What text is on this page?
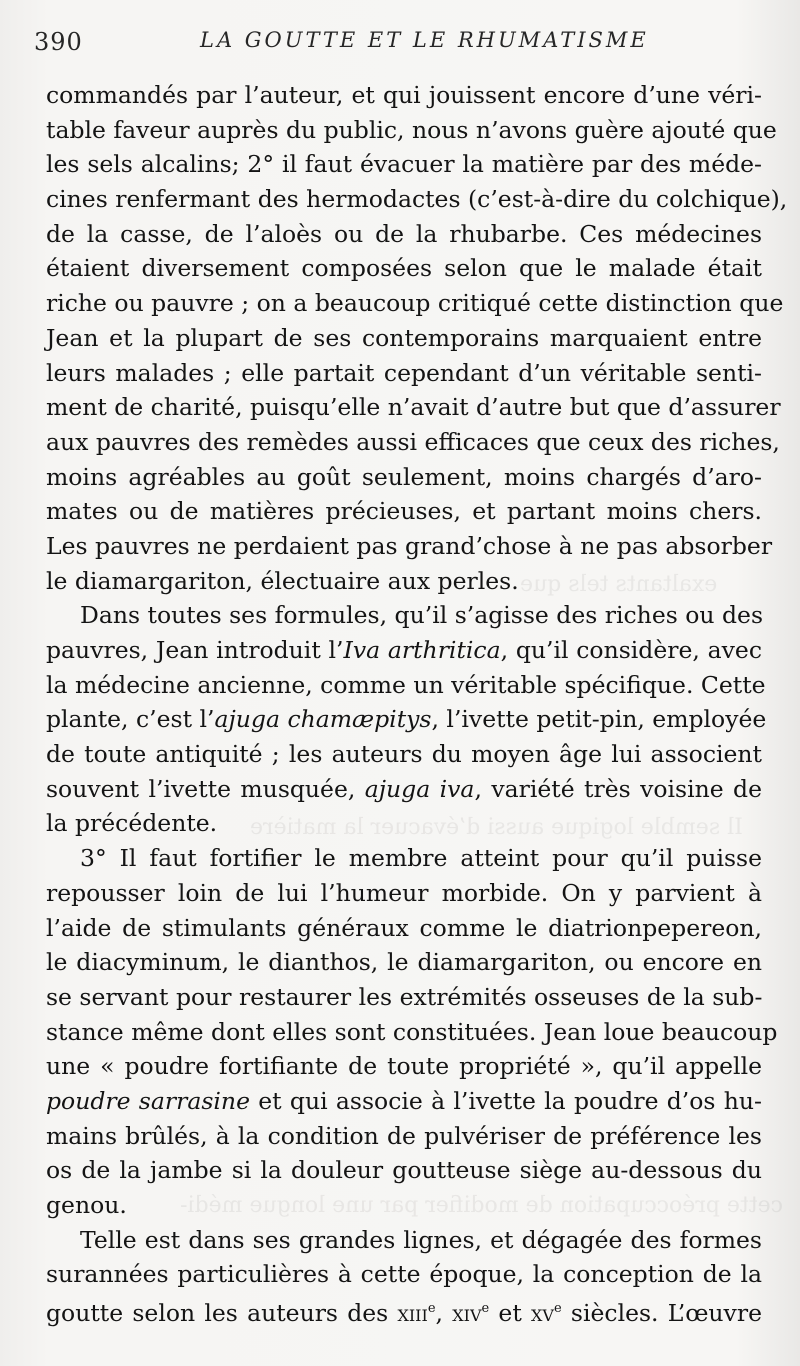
390	LA GOUTTE ET LE RHUMATISME
exaltants tels que
Il semble logique aussi d’évacuer la matière
cette préoccupation de modifier par une longue médi-
commandés par l’auteur, et qui jouissent encore d’une véri-
table faveur auprès du public, nous n’avons guère ajouté que
les sels alcalins; 2° il faut évacuer la matière par des méde-
cines renfermant des hermodactes (c’est-à-dire du colchique),
de la casse, de l’aloès ou de la rhubarbe. Ces médecines
étaient diversement composées selon que le malade était
riche ou pauvre ; on a beaucoup critiqué cette distinction que
Jean et la plupart de ses contemporains marquaient entre
leurs malades ; elle partait cependant d’un véritable senti-
ment de charité, puisqu’elle n’avait d’autre but que d’assurer
aux pauvres des remèdes aussi efficaces que ceux des riches,
moins agréables au goût seulement, moins chargés d’aro-
mates ou de matières précieuses, et partant moins chers.
Les pauvres ne perdaient pas grand’chose à ne pas absorber
le diamargariton, électuaire aux perles.
Dans toutes ses formules, qu’il s’agisse des riches ou des
pauvres, Jean introduit l’Iva arthritica, qu’il considère, avec
la médecine ancienne, comme un véritable spécifique. Cette
plante, c’est l’ajuga chamæpitys, l’ivette petit-pin, employée
de toute antiquité ; les auteurs du moyen âge lui associent
souvent l’ivette musquée, ajuga iva, variété très voisine de
la précédente.
3° Il faut fortifier le membre atteint pour qu’il puisse
repousser loin de lui l’humeur morbide. On y parvient à
l’aide de stimulants généraux comme le diatrionpepereon,
le diacyminum, le dianthos, le diamargariton, ou encore en
se servant pour restaurer les extrémités osseuses de la sub-
stance même dont elles sont constituées. Jean loue beaucoup
une « poudre fortifiante de toute propriété », qu’il appelle
poudre sarrasine et qui associe à l’ivette la poudre d’os hu-
mains brûlés, à la condition de pulvériser de préférence les
os de la jambe si la douleur goutteuse siège au-dessous du
genou.
Telle est dans ses grandes lignes, et dégagée des formes
surannées particulières à cette époque, la conception de la
goutte selon les auteurs des xiii$^e$, xiv$^e$ et $xv^e$ siècles. L’œuvre
